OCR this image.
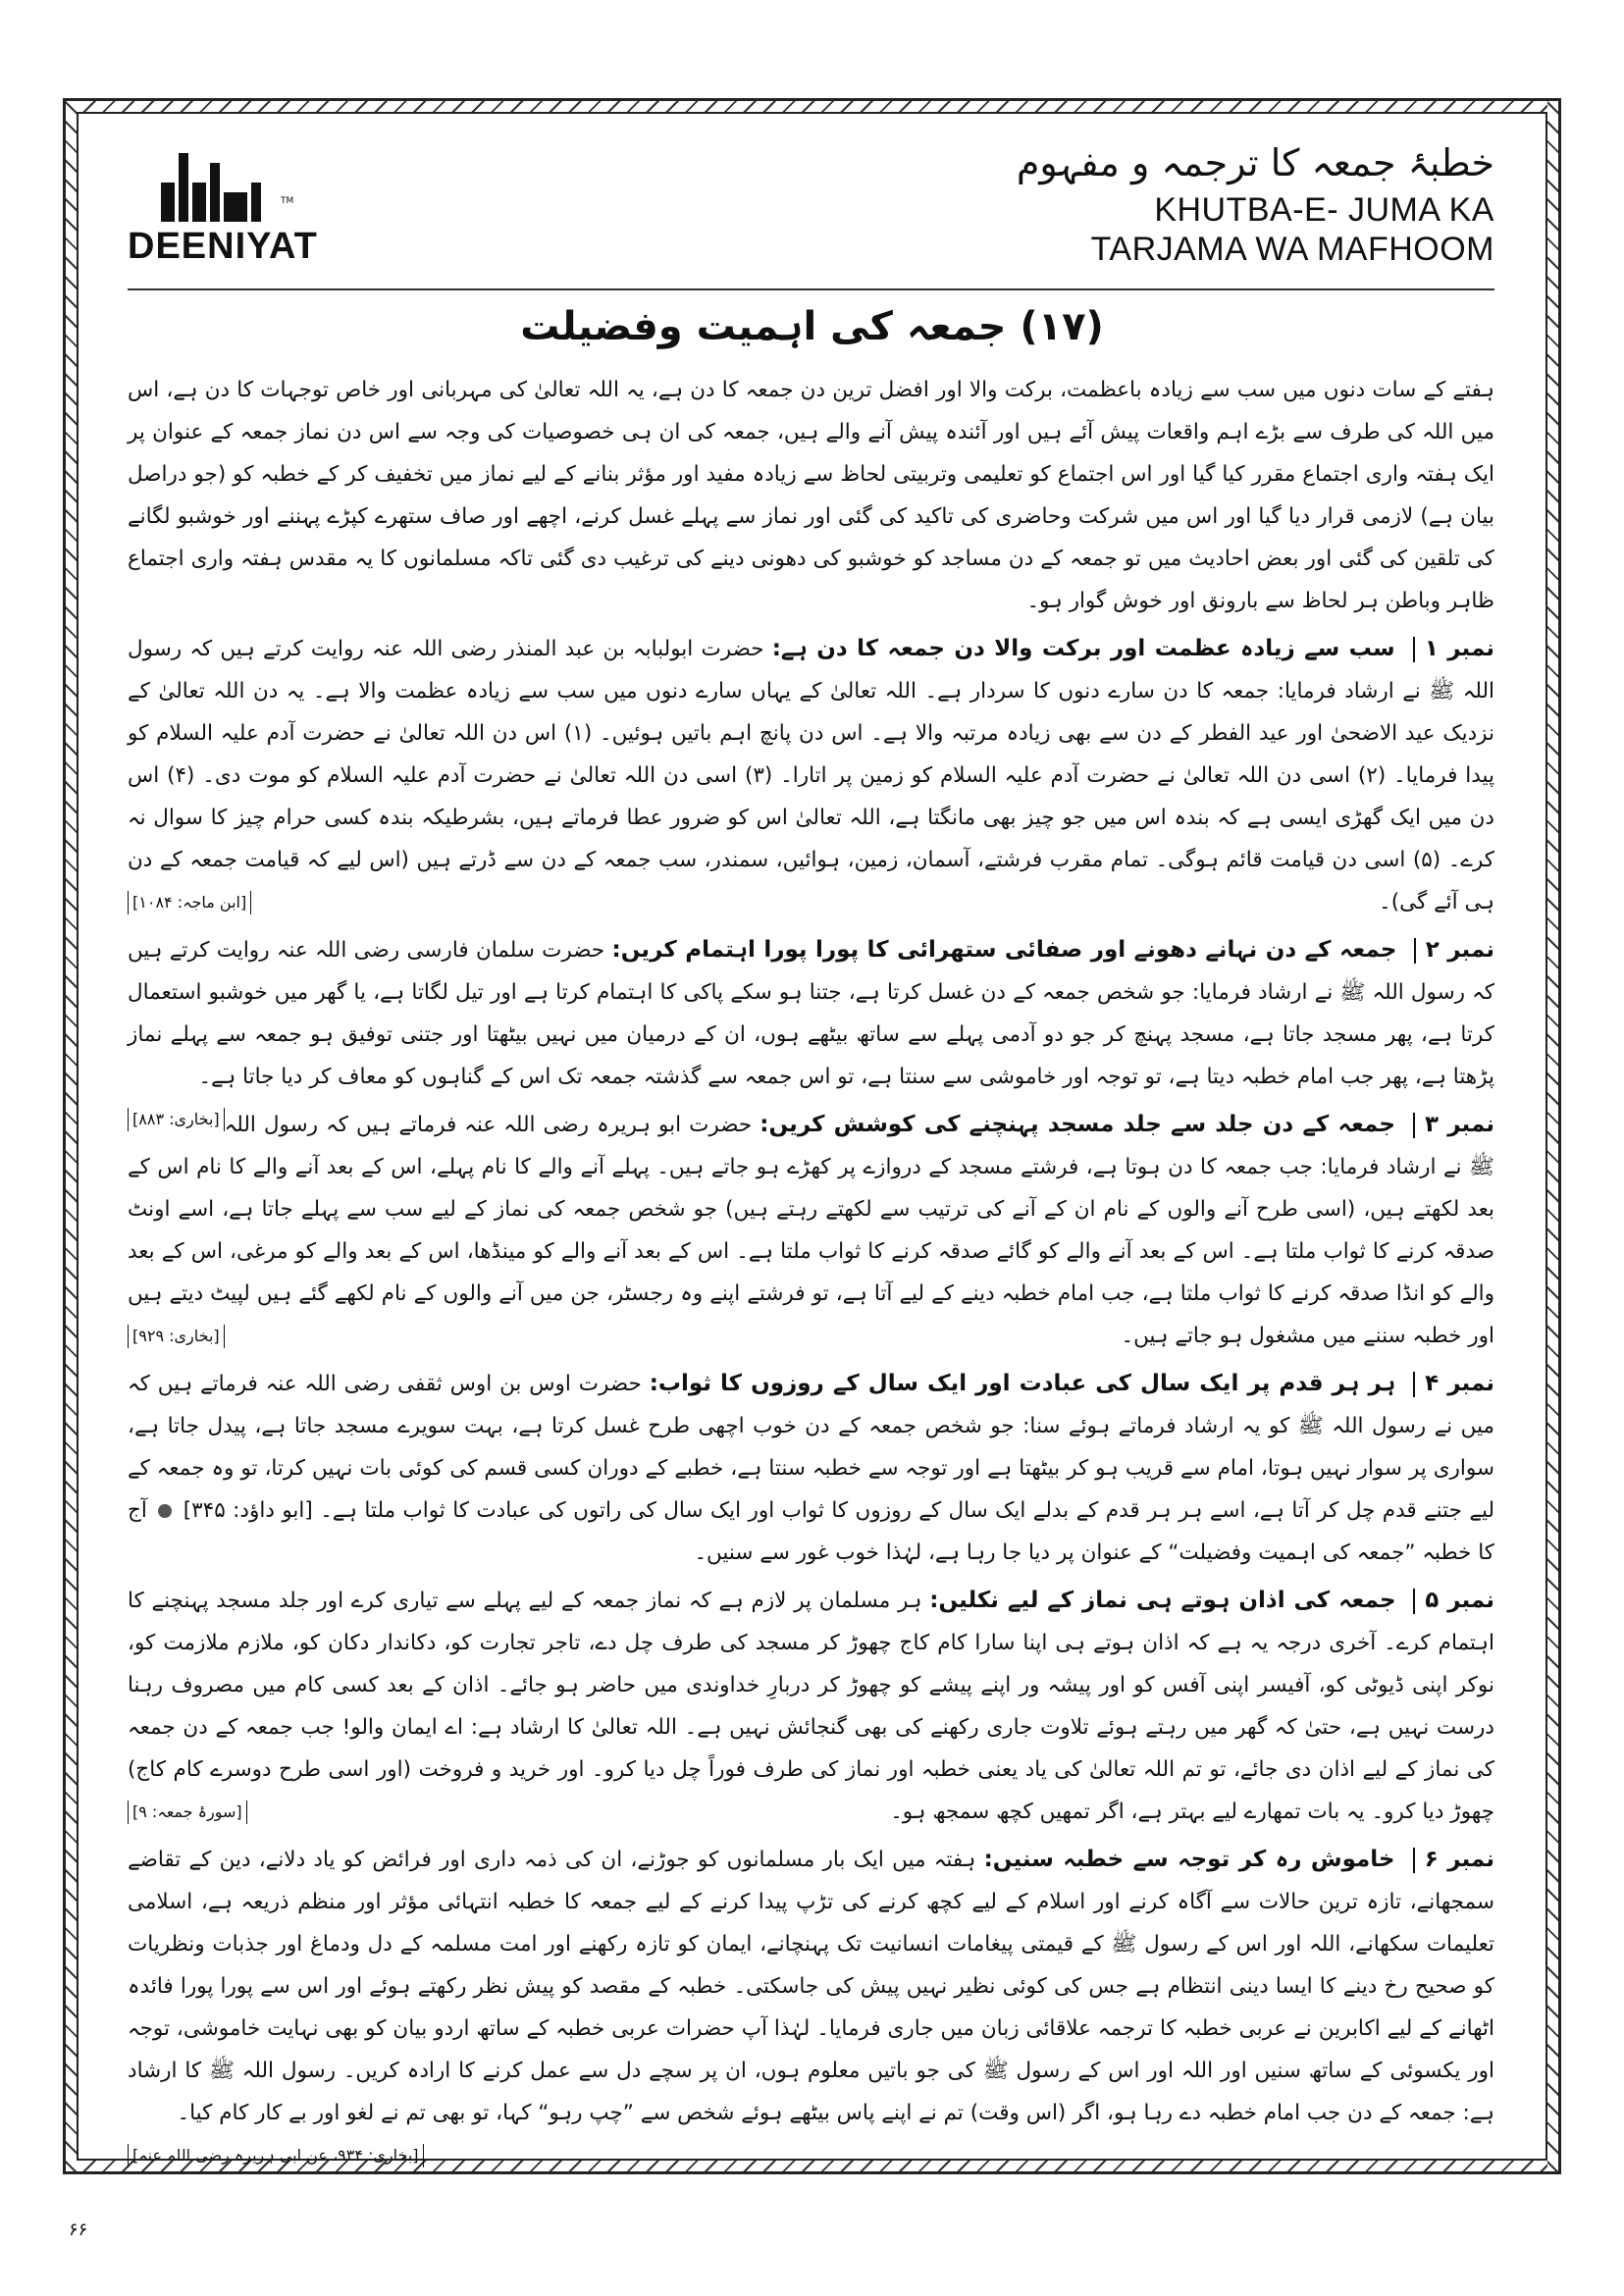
TM
DEENIYAT
خطبۂ جمعہ کا ترجمہ و مفہوم
KHUTBA-E- JUMA KA
TARJAMA WA MAFHOOM
(۱۷) جمعہ کی اہمیت وفضیلت

ہفتے کے سات دنوں میں سب سے زیادہ باعظمت، برکت والا اور افضل ترین دن جمعہ کا دن ہے، یہ اللہ تعالیٰ کی مہربانی اور خاص توجہات کا دن ہے، اس میں اللہ کی طرف سے بڑے اہم واقعات پیش آئے ہیں اور آئندہ پیش آنے والے ہیں، جمعہ کی ان ہی خصوصیات کی وجہ سے اس دن نماز جمعہ کے عنوان پر ایک ہفتہ واری اجتماع مقرر کیا گیا اور اس اجتماع کو تعلیمی وتربیتی لحاظ سے زیادہ مفید اور مؤثر بنانے کے لیے نماز میں تخفیف کر کے خطبہ کو (جو دراصل بیان ہے) لازمی قرار دیا گیا اور اس میں شرکت وحاضری کی تاکید کی گئی اور نماز سے پہلے غسل کرنے، اچھے اور صاف ستھرے کپڑے پہننے اور خوشبو لگانے کی تلقین کی گئی اور بعض احادیث میں تو جمعہ کے دن مساجد کو خوشبو کی دھونی دینے کی ترغیب دی گئی تاکہ مسلمانوں کا یہ مقدس ہفتہ واری اجتماع ظاہر وباطن ہر لحاظ سے بارونق اور خوش گوار ہو۔

نمبر ۱ سب سے زیادہ عظمت اور برکت والا دن جمعہ کا دن ہے: حضرت ابولبابہ بن عبد المنذر رضی اللہ عنہ روایت کرتے ہیں کہ رسول اللہ ﷺ نے ارشاد فرمایا: جمعہ کا دن سارے دنوں کا سردار ہے۔ اللہ تعالیٰ کے یہاں سارے دنوں میں سب سے زیادہ عظمت والا ہے۔ یہ دن اللہ تعالیٰ کے نزدیک عید الاضحیٰ اور عید الفطر کے دن سے بھی زیادہ مرتبہ والا ہے۔ اس دن پانچ اہم باتیں ہوئیں۔ (۱) اس دن اللہ تعالیٰ نے حضرت آدم علیہ السلام کو پیدا فرمایا۔ (۲) اسی دن اللہ تعالیٰ نے حضرت آدم علیہ السلام کو زمین پر اتارا۔ (۳) اسی دن اللہ تعالیٰ نے حضرت آدم علیہ السلام کو موت دی۔ (۴) اس دن میں ایک گھڑی ایسی ہے کہ بندہ اس میں جو چیز بھی مانگتا ہے، اللہ تعالیٰ اس کو ضرور عطا فرماتے ہیں، بشرطیکہ بندہ کسی حرام چیز کا سوال نہ کرے۔ (۵) اسی دن قیامت قائم ہوگی۔ تمام مقرب فرشتے، آسمان، زمین، ہوائیں، سمندر، سب جمعہ کے دن سے ڈرتے ہیں (اس لیے کہ قیامت جمعہ کے دن ہی آئے گی)۔
[ابن ماجہ: ۱۰۸۴]
نمبر ۲ جمعہ کے دن نہانے دھونے اور صفائی ستھرائی کا پورا پورا اہتمام کریں: حضرت سلمان فارسی رضی اللہ عنہ روایت کرتے ہیں کہ رسول اللہ ﷺ نے ارشاد فرمایا: جو شخص جمعہ کے دن غسل کرتا ہے، جتنا ہو سکے پاکی کا اہتمام کرتا ہے اور تیل لگاتا ہے، یا گھر میں خوشبو استعمال کرتا ہے، پھر مسجد جاتا ہے، مسجد پہنچ کر جو دو آدمی پہلے سے ساتھ بیٹھے ہوں، ان کے درمیان میں نہیں بیٹھتا اور جتنی توفیق ہو جمعہ سے پہلے نماز پڑھتا ہے، پھر جب امام خطبہ دیتا ہے، تو توجہ اور خاموشی سے سنتا ہے، تو اس جمعہ سے گذشتہ جمعہ تک اس کے گناہوں کو معاف کر دیا جاتا ہے۔
[بخاری: ۸۸۳]	نمبر ۳ جمعہ کے دن جلد سے جلد مسجد پہنچنے کی کوشش کریں: حضرت ابو ہریرہ رضی اللہ عنہ فرماتے ہیں کہ رسول اللہ ﷺ نے ارشاد فرمایا: جب جمعہ کا دن ہوتا ہے، فرشتے مسجد کے دروازے پر کھڑے ہو جاتے ہیں۔ پہلے آنے والے کا نام پہلے، اس کے بعد آنے والے کا نام اس کے بعد لکھتے ہیں، (اسی طرح آنے والوں کے نام ان کے آنے کی ترتیب سے لکھتے رہتے ہیں) جو شخص جمعہ کی نماز کے لیے سب سے پہلے جاتا ہے، اسے اونٹ صدقہ کرنے کا ثواب ملتا ہے۔ اس کے بعد آنے والے کو گائے صدقہ کرنے کا ثواب ملتا ہے۔ اس کے بعد آنے والے کو مینڈھا، اس کے بعد والے کو مرغی، اس کے بعد والے کو انڈا صدقہ کرنے کا ثواب ملتا ہے، جب امام خطبہ دینے کے لیے آتا ہے، تو فرشتے اپنے وہ رجسٹر، جن میں آنے والوں کے نام لکھے گئے ہیں لپیٹ دیتے ہیں اور خطبہ سننے میں مشغول ہو جاتے ہیں۔
[بخاری: ۹۲۹]
نمبر ۴ ہر ہر قدم پر ایک سال کی عبادت اور ایک سال کے روزوں کا ثواب: حضرت اوس بن اوس ثقفی رضی اللہ عنہ فرماتے ہیں کہ میں نے رسول اللہ ﷺ کو یہ ارشاد فرماتے ہوئے سنا: جو شخص جمعہ کے دن خوب اچھی طرح غسل کرتا ہے، بہت سویرے مسجد جاتا ہے، پیدل جاتا ہے، سواری پر سوار نہیں ہوتا، امام سے قریب ہو کر بیٹھتا ہے اور توجہ سے خطبہ سنتا ہے، خطبے کے دوران کسی قسم کی کوئی بات نہیں کرتا، تو وہ جمعہ کے لیے جتنے قدم چل کر آتا ہے، اسے ہر ہر قدم کے بدلے ایک سال کے روزوں کا ثواب اور ایک سال کی راتوں کی عبادت کا ثواب ملتا ہے۔ [ابو داؤد: ۳۴۵]  آج کا خطبہ ”جمعہ کی اہمیت وفضیلت“ کے عنوان پر دیا جا رہا ہے، لہٰذا خوب غور سے سنیں۔
نمبر ۵ جمعہ کی اذان ہوتے ہی نماز کے لیے نکلیں: ہر مسلمان پر لازم ہے کہ نماز جمعہ کے لیے پہلے سے تیاری کرے اور جلد مسجد پہنچنے کا اہتمام کرے۔ آخری درجہ یہ ہے کہ اذان ہوتے ہی اپنا سارا کام کاج چھوڑ کر مسجد کی طرف چل دے، تاجر تجارت کو، دکاندار دکان کو، ملازم ملازمت کو، نوکر اپنی ڈیوٹی کو، آفیسر اپنی آفس کو اور پیشہ ور اپنے پیشے کو چھوڑ کر دربارِ خداوندی میں حاضر ہو جائے۔ اذان کے بعد کسی کام میں مصروف رہنا درست نہیں ہے، حتیٰ کہ گھر میں رہتے ہوئے تلاوت جاری رکھنے کی بھی گنجائش نہیں ہے۔ اللہ تعالیٰ کا ارشاد ہے: اے ایمان والو! جب جمعہ کے دن جمعہ کی نماز کے لیے اذان دی جائے، تو تم اللہ تعالیٰ کی یاد یعنی خطبہ اور نماز کی طرف فوراً چل دیا کرو۔ اور خرید و فروخت (اور اسی طرح دوسرے کام کاج) چھوڑ دیا کرو۔ یہ بات تمھارے لیے بہتر ہے، اگر تمھیں کچھ سمجھ ہو۔
[سورۂ جمعہ: ۹]
نمبر ۶ خاموش رہ کر توجہ سے خطبہ سنیں: ہفتہ میں ایک بار مسلمانوں کو جوڑنے، ان کی ذمہ داری اور فرائض کو یاد دلانے، دین کے تقاضے سمجھانے، تازہ ترین حالات سے آگاہ کرنے اور اسلام کے لیے کچھ کرنے کی تڑپ پیدا کرنے کے لیے جمعہ کا خطبہ انتہائی مؤثر اور منظم ذریعہ ہے، اسلامی تعلیمات سکھانے، اللہ اور اس کے رسول ﷺ کے قیمتی پیغامات انسانیت تک پہنچانے، ایمان کو تازہ رکھنے اور امت مسلمہ کے دل ودماغ اور جذبات ونظریات کو صحیح رخ دینے کا ایسا دینی انتظام ہے جس کی کوئی نظیر نہیں پیش کی جاسکتی۔ خطبہ کے مقصد کو پیش نظر رکھتے ہوئے اور اس سے پورا پورا فائدہ اٹھانے کے لیے اکابرین نے عربی خطبہ کا ترجمہ علاقائی زبان میں جاری فرمایا۔ لہٰذا آپ حضرات عربی خطبہ کے ساتھ اردو بیان کو بھی نہایت خاموشی، توجہ اور یکسوئی کے ساتھ سنیں اور اللہ اور اس کے رسول ﷺ کی جو باتیں معلوم ہوں، ان پر سچے دل سے عمل کرنے کا ارادہ کریں۔ رسول اللہ ﷺ کا ارشاد ہے: جمعہ کے دن جب امام خطبہ دے رہا ہو، اگر (اس وقت) تم نے اپنے پاس بیٹھے ہوئے شخص سے ”چپ رہو“ کہا، تو بھی تم نے لغو اور بے کار کام کیا۔
[بخاری: ۹۳۴، عن ابی ہریرہ رضی اللہ عنہ]
۶۶
